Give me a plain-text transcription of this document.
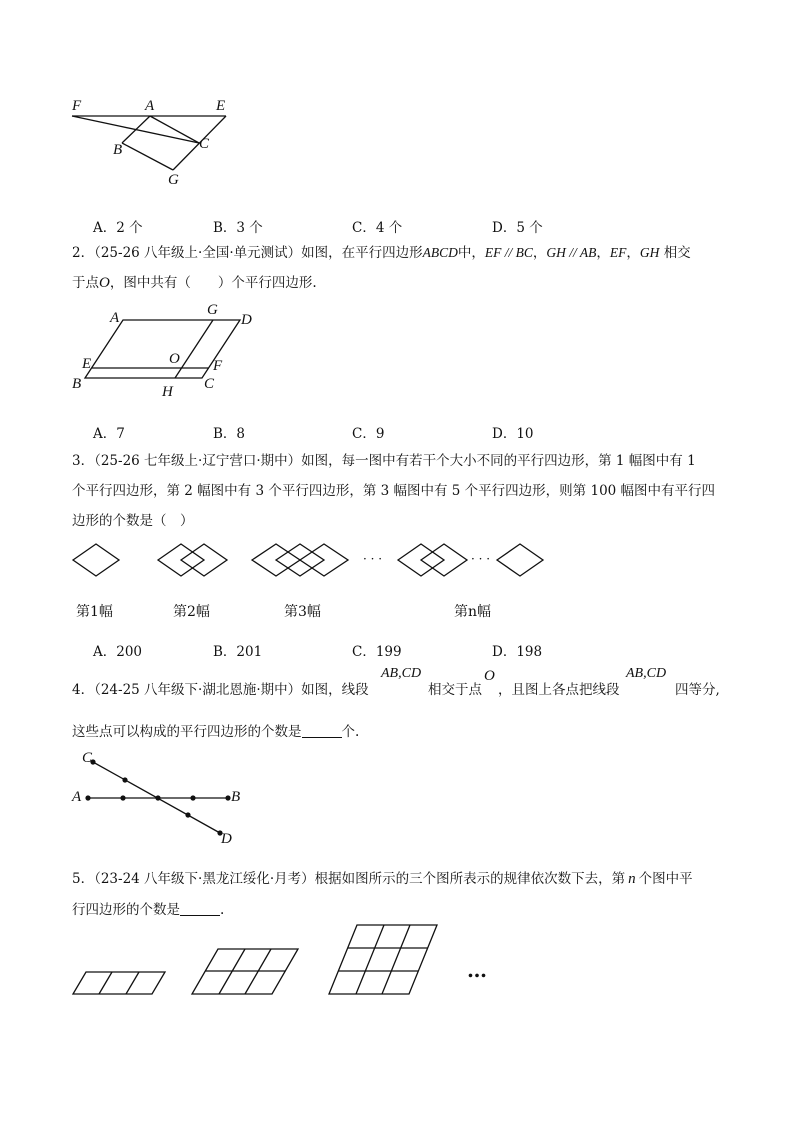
F	A	E
B	C
G
A．2 个	B．3 个	C．4 个	D．5 个
2．（25-26 八年级上·全国·单元测试）如图，在平行四边形ABCD中，EF // BC，GH // AB，EF，GH 相交
于点O，图中共有（　　）个平行四边形.
A	G
D
E	O F
B	H C
A．7	B．8	C．9	D．10
3．（25-26 七年级上·辽宁营口·期中）如图，每一图中有若干个大小不同的平行四边形，第 1 幅图中有 1
个平行四边形，第 2 幅图中有 3 个平行四边形，第 3 幅图中有 5 个平行四边形，则第 100 幅图中有平行四
边形的个数是（　）
· · ·	· · ·
第1幅	第2幅	第3幅	第n幅
A．200	B．201	C．199	D．198
4．（24-25 八年级下·湖北恩施·期中）如图，线段
AB,CD
相交于点
O
，且图上各点把线段
AB,CD
四等分,
这些点可以构成的平行四边形的个数是	个.
C
A	B
D
5．（23-24 八年级下·黑龙江绥化·月考）根据如图所示的三个图所表示的规律依次数下去，第 n 个图中平
行四边形的个数是	.
…
